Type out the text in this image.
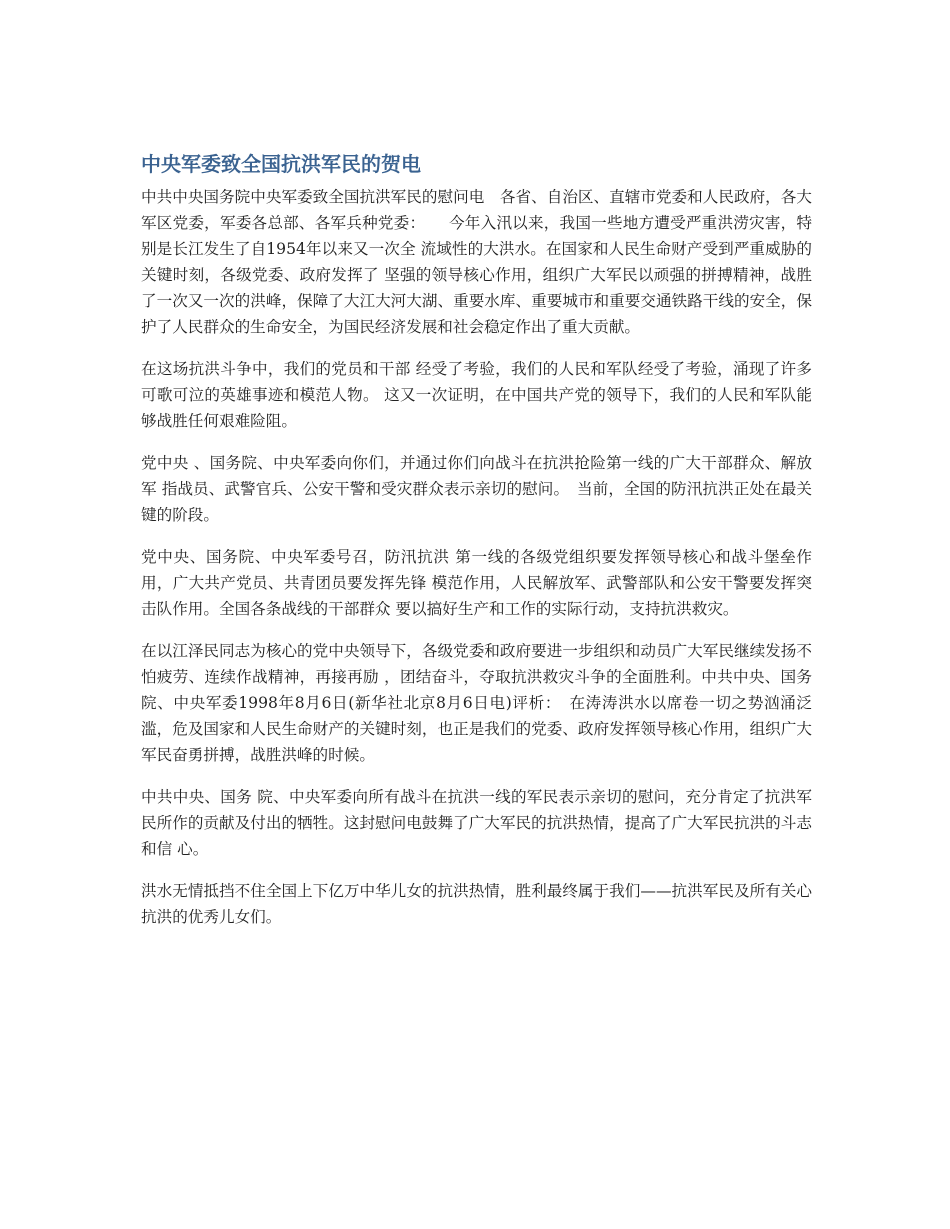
中央军委致全国抗洪军民的贺电

中共中央国务院中央军委致全国抗洪军民的慰问电　各省、自治区、直辖市党委和人民政府，各大军区党委，军委各总部、各军兵种党委：　　今年入汛以来，我国一些地方遭受严重洪涝灾害，特别是长江发生了自1954年以来又一次全 流域性的大洪水。在国家和人民生命财产受到严重威胁的关键时刻，各级党委、政府发挥了 坚强的领导核心作用，组织广大军民以顽强的拼搏精神，战胜了一次又一次的洪峰，保障了大江大河大湖、重要水库、重要城市和重要交通铁路干线的安全，保护了人民群众的生命安全，为国民经济发展和社会稳定作出了重大贡献。

在这场抗洪斗争中，我们的党员和干部 经受了考验，我们的人民和军队经受了考验，涌现了许多可歌可泣的英雄事迹和模范人物。 这又一次证明，在中国共产党的领导下，我们的人民和军队能够战胜任何艰难险阻。

党中央 、国务院、中央军委向你们，并通过你们向战斗在抗洪抢险第一线的广大干部群众、解放军 指战员、武警官兵、公安干警和受灾群众表示亲切的慰问。　当前，全国的防汛抗洪正处在最关键的阶段。

党中央、国务院、中央军委号召，防汛抗洪 第一线的各级党组织要发挥领导核心和战斗堡垒作用，广大共产党员、共青团员要发挥先锋 模范作用，人民解放军、武警部队和公安干警要发挥突击队作用。全国各条战线的干部群众 要以搞好生产和工作的实际行动，支持抗洪救灾。

在以江泽民同志为核心的党中央领导下，各级党委和政府要进一步组织和动员广大军民继续发扬不怕疲劳、连续作战精神，再接再励 ，团结奋斗，夺取抗洪救灾斗争的全面胜利。中共中央、国务院、中央军委1998年8月6日(新华社北京8月6日电)评析：　在涛涛洪水以席卷一切之势汹涌泛滥，危及国家和人民生命财产的关键时刻，也正是我们的党委、政府发挥领导核心作用，组织广大军民奋勇拼搏，战胜洪峰的时候。

中共中央、国务 院、中央军委向所有战斗在抗洪一线的军民表示亲切的慰问，充分肯定了抗洪军民所作的贡献及付出的牺牲。这封慰问电鼓舞了广大军民的抗洪热情，提高了广大军民抗洪的斗志和信 心。

洪水无情抵挡不住全国上下亿万中华儿女的抗洪热情，胜利最终属于我们——抗洪军民及所有关心抗洪的优秀儿女们。
